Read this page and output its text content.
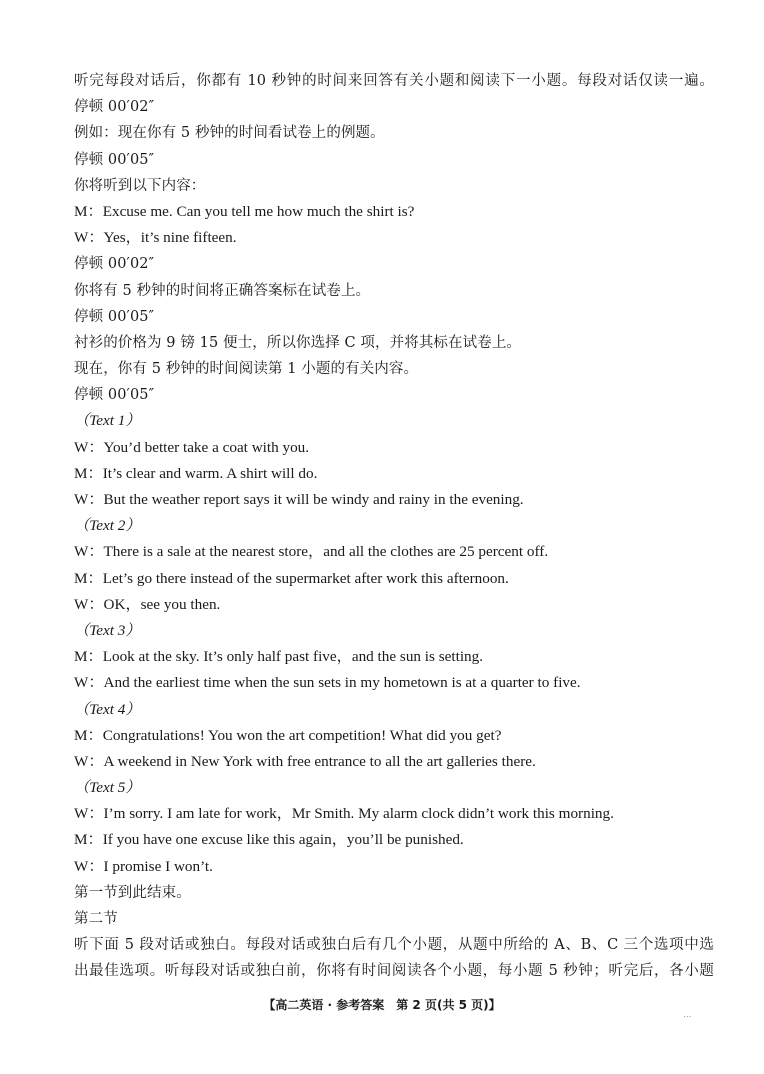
听完每段对话后，你都有 10 秒钟的时间来回答有关小题和阅读下一小题。每段对话仅读一遍。
停顿 00′02″
例如：现在你有 5 秒钟的时间看试卷上的例题。
停顿 00′05″
你将听到以下内容：
M：Excuse me. Can you tell me how much the shirt is?
W：Yes，it’s nine fifteen.
停顿 00′02″
你将有 5 秒钟的时间将正确答案标在试卷上。
停顿 00′05″
衬衫的价格为 9 镑 15 便士，所以你选择 C 项，并将其标在试卷上。
现在，你有 5 秒钟的时间阅读第 1 小题的有关内容。
停顿 00′05″
（Text 1）
W：You’d better take a coat with you.
M：It’s clear and warm. A shirt will do.
W：But the weather report says it will be windy and rainy in the evening.
（Text 2）
W：There is a sale at the nearest store，and all the clothes are 25 percent off.
M：Let’s go there instead of the supermarket after work this afternoon.
W：OK，see you then.
（Text 3）
M：Look at the sky. It’s only half past five，and the sun is setting.
W：And the earliest time when the sun sets in my hometown is at a quarter to five.
（Text 4）
M：Congratulations! You won the art competition! What did you get?
W：A weekend in New York with free entrance to all the art galleries there.
（Text 5）
W：I’m sorry. I am late for work，Mr Smith. My alarm clock didn’t work this morning.
M：If you have one excuse like this again，you’ll be punished.
W：I promise I won’t.
第一节到此结束。
第二节
听下面 5 段对话或独白。每段对话或独白后有几个小题，从题中所给的 A、B、C 三个选项中选
出最佳选项。听每段对话或独白前，你将有时间阅读各个小题，每小题 5 秒钟；听完后，各小题
【高二英语 · 参考答案　第 2 页(共 5 页)】
...
